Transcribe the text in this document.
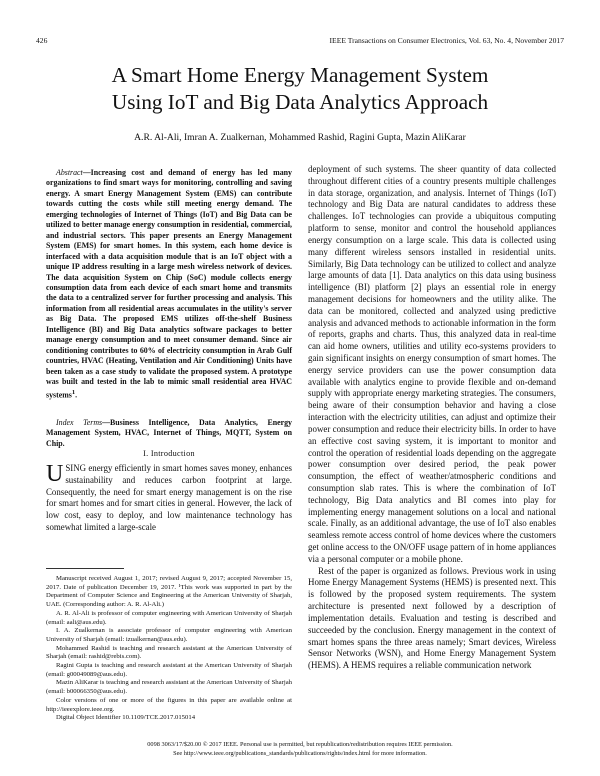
426	IEEE Transactions on Consumer Electronics, Vol. 63, No. 4, November 2017
A Smart Home Energy Management System
Using IoT and Big Data Analytics Approach
A.R. Al-Ali, Imran A. Zualkernan, Mohammed Rashid, Ragini Gupta, Mazin AliKarar
Abstract—Increasing cost and demand of energy has led many organizations to find smart ways for monitoring, controlling and saving energy. A smart Energy Management System (EMS) can contribute towards cutting the costs while still meeting energy demand. The emerging technologies of Internet of Things (IoT) and Big Data can be utilized to better manage energy consumption in residential, commercial, and industrial sectors. This paper presents an Energy Management System (EMS) for smart homes. In this system, each home device is interfaced with a data acquisition module that is an IoT object with a unique IP address resulting in a large mesh wireless network of devices. The data acquisition System on Chip (SoC) module collects energy consumption data from each device of each smart home and transmits the data to a centralized server for further processing and analysis. This information from all residential areas accumulates in the utility's server as Big Data. The proposed EMS utilizes off-the-shelf Business Intelligence (BI) and Big Data analytics software packages to better manage energy consumption and to meet consumer demand. Since air conditioning contributes to 60% of electricity consumption in Arab Gulf countries, HVAC (Heating, Ventilation and Air Conditioning) Units have been taken as a case study to validate the proposed system. A prototype was built and tested in the lab to mimic small residential area HVAC systems$^1$.
Index Terms—Business Intelligence, Data Analytics, Energy Management System, HVAC, Internet of Things, MQTT, System on Chip.
I. Introduction
USING energy efficiently in smart homes saves money, enhances sustainability and reduces carbon footprint at large. Consequently, the need for smart energy management is on the rise for smart homes and for smart cities in general. However, the lack of low cost, easy to deploy, and low maintenance technology has somewhat limited a large-scale

Manuscript received August 1, 2017; revised August 9, 2017; accepted November 15, 2017. Date of publication December 19, 2017. ¹This work was supported in part by the Department of Computer Science and Engineering at the American University of Sharjah, UAE. (Corresponding author: A. R. Al-Ali.)

A. R. Al-Ali is professor of computer engineering with American University of Sharjah (email: aali@aus.edu).

I. A. Zualkernan is associate professor of computer engineering with American University of Sharjah (email: izualkernan@aus.edu).

Mohammed Rashid is teaching and research assistant at the American University of Sharjah (email: rashid@rebis.com).

Ragini Gupta is teaching and research assistant at the American University of Sharjah (email: g00049089@aus.edu).

Mazin AliKarar is teaching and research assistant at the American University of Sharjah (email: b00066350@aus.edu).

Color versions of one or more of the figures in this paper are available online at http://ieeexplore.ieee.org.

Digital Object Identifier 10.1109/TCE.2017.015014

deployment of such systems. The sheer quantity of data collected throughout different cities of a country presents multiple challenges in data storage, organization, and analysis. Internet of Things (IoT) technology and Big Data are natural candidates to address these challenges. IoT technologies can provide a ubiquitous computing platform to sense, monitor and control the household appliances energy consumption on a large scale. This data is collected using many different wireless sensors installed in residential units. Similarly, Big Data technology can be utilized to collect and analyze large amounts of data [1]. Data analytics on this data using business intelligence (BI) platform [2] plays an essential role in energy management decisions for homeowners and the utility alike. The data can be monitored, collected and analyzed using predictive analysis and advanced methods to actionable information in the form of reports, graphs and charts. Thus, this analyzed data in real-time can aid home owners, utilities and utility eco-systems providers to gain significant insights on energy consumption of smart homes. The energy service providers can use the power consumption data available with analytics engine to provide flexible and on-demand supply with appropriate energy marketing strategies. The consumers, being aware of their consumption behavior and having a close interaction with the electricity utilities, can adjust and optimize their power consumption and reduce their electricity bills. In order to have an effective cost saving system, it is important to monitor and control the operation of residential loads depending on the aggregate power consumption over desired period, the peak power consumption, the effect of weather/atmospheric conditions and consumption slab rates. This is where the combination of IoT technology, Big Data analytics and BI comes into play for implementing energy management solutions on a local and national scale. Finally, as an additional advantage, the use of IoT also enables seamless remote access control of home devices where the customers get online access to the ON/OFF usage pattern of in home appliances via a personal computer or a mobile phone.

Rest of the paper is organized as follows. Previous work in using Home Energy Management Systems (HEMS) is presented next. This is followed by the proposed system requirements. The system architecture is presented next followed by a description of implementation details. Evaluation and testing is described and succeeded by the conclusion. Energy management in the context of smart homes spans the three areas namely; Smart devices, Wireless Sensor Networks (WSN), and Home Energy Management System (HEMS). A HEMS requires a reliable communication network

0098 3063/17/$20.00 © 2017 IEEE. Personal use is permitted, but republication/redistribution requires IEEE permission.
See http://www.ieee.org/publications_standards/publications/rights/index.html for more information.
